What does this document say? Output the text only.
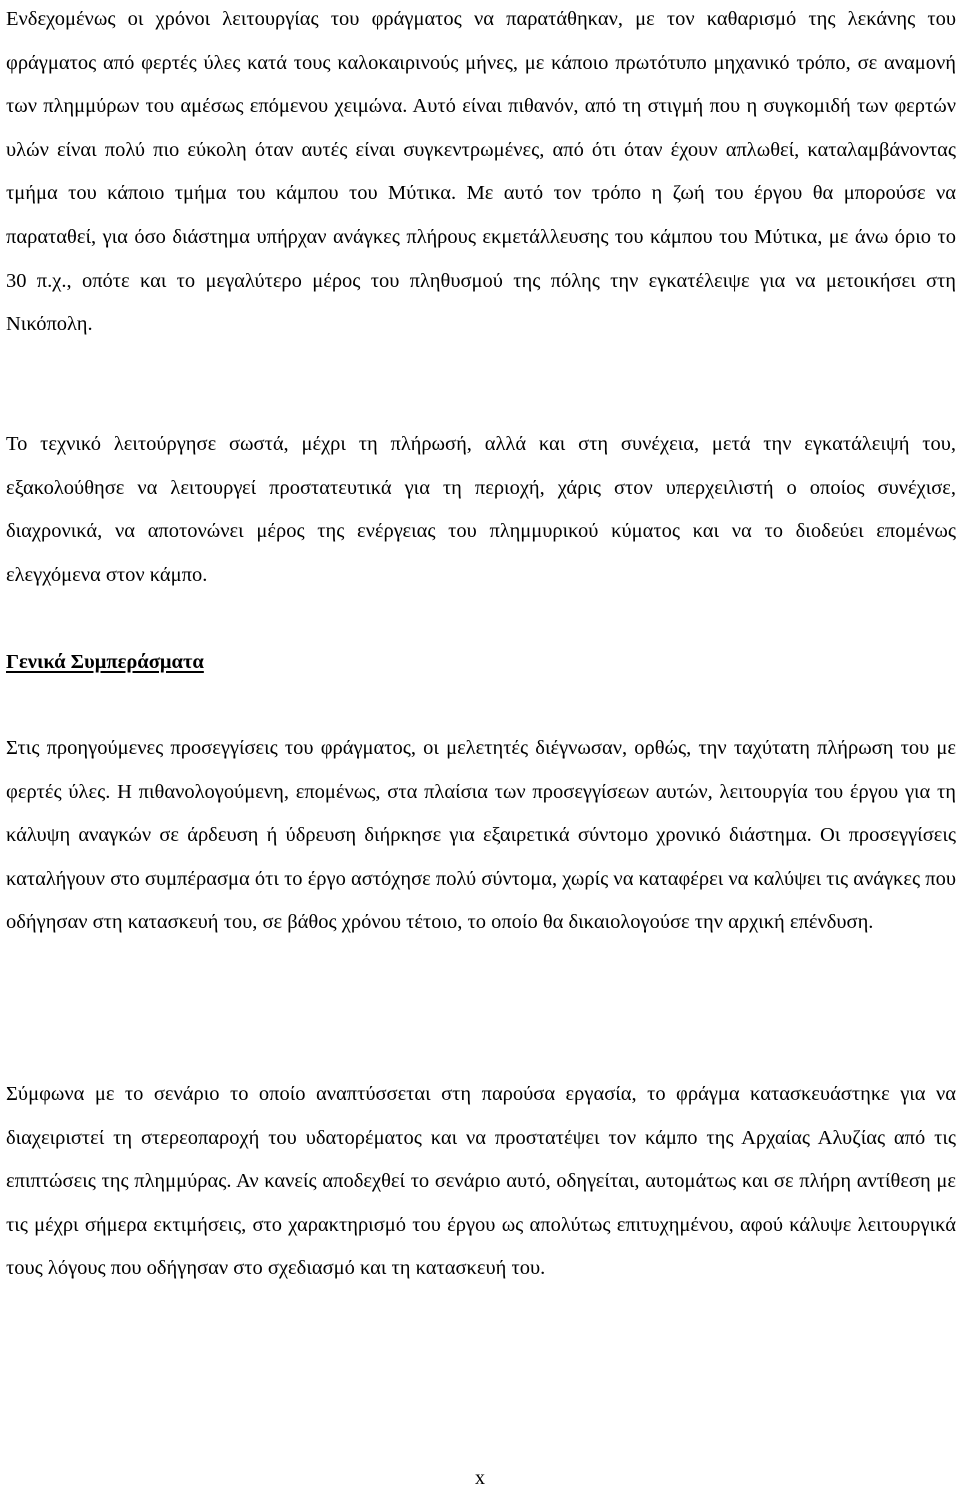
Ενδεχομένως οι χρόνοι λειτουργίας του φράγματος να παρατάθηκαν, με τον καθαρισμό της λεκάνης του φράγματος από φερτές ύλες κατά τους καλοκαιρινούς μήνες, με κάποιο πρωτότυπο μηχανικό τρόπο, σε αναμονή των πλημμύρων του αμέσως επόμενου χειμώνα. Αυτό είναι πιθανόν, από τη στιγμή που η συγκομιδή των φερτών υλών είναι πολύ πιο εύκολη όταν αυτές είναι συγκεντρωμένες, από ότι όταν έχουν απλωθεί, καταλαμβάνοντας τμήμα του κάποιο τμήμα του κάμπου του Μύτικα. Με αυτό τον τρόπο η ζωή του έργου θα μπορούσε να παραταθεί, για όσο διάστημα υπήρχαν ανάγκες πλήρους εκμετάλλευσης του κάμπου του Μύτικα, με άνω όριο το 30 π.χ., οπότε και το μεγαλύτερο μέρος του πληθυσμού της πόλης την εγκατέλειψε για να μετοικήσει στη Νικόπολη.

Το τεχνικό λειτούργησε σωστά, μέχρι τη πλήρωσή, αλλά και στη συνέχεια, μετά την εγκατάλειψή του, εξακολούθησε να λειτουργεί προστατευτικά για τη περιοχή, χάρις στον υπερχειλιστή ο οποίος συνέχισε, διαχρονικά, να αποτονώνει μέρος της ενέργειας του πλημμυρικού κύματος και να το διοδεύει επομένως ελεγχόμενα στον κάμπο.

Γενικά Συμπεράσματα

Στις προηγούμενες προσεγγίσεις του φράγματος, οι μελετητές διέγνωσαν, ορθώς, την ταχύτατη πλήρωση του με φερτές ύλες. Η πιθανολογούμενη, επομένως, στα πλαίσια των προσεγγίσεων αυτών, λειτουργία του έργου για τη κάλυψη αναγκών σε άρδευση ή ύδρευση διήρκησε για εξαιρετικά σύντομο χρονικό διάστημα. Οι προσεγγίσεις καταλήγουν στο συμπέρασμα ότι το έργο αστόχησε πολύ σύντομα, χωρίς να καταφέρει να καλύψει τις ανάγκες που οδήγησαν στη κατασκευή του, σε βάθος χρόνου τέτοιο, το οποίο θα δικαιολογούσε την αρχική επένδυση.

Σύμφωνα με το σενάριο το οποίο αναπτύσσεται στη παρούσα εργασία, το φράγμα κατασκευάστηκε για να διαχειριστεί τη στερεοπαροχή του υδατορέματος και να προστατέψει τον κάμπο της Αρχαίας Αλυζίας από τις επιπτώσεις της πλημμύρας. Αν κανείς αποδεχθεί το σενάριο αυτό, οδηγείται, αυτομάτως και σε πλήρη αντίθεση με τις μέχρι σήμερα εκτιμήσεις, στο χαρακτηρισμό του έργου ως απολύτως επιτυχημένου, αφού κάλυψε λειτουργικά τους λόγους που οδήγησαν στο σχεδιασμό και τη κατασκευή του.

x
